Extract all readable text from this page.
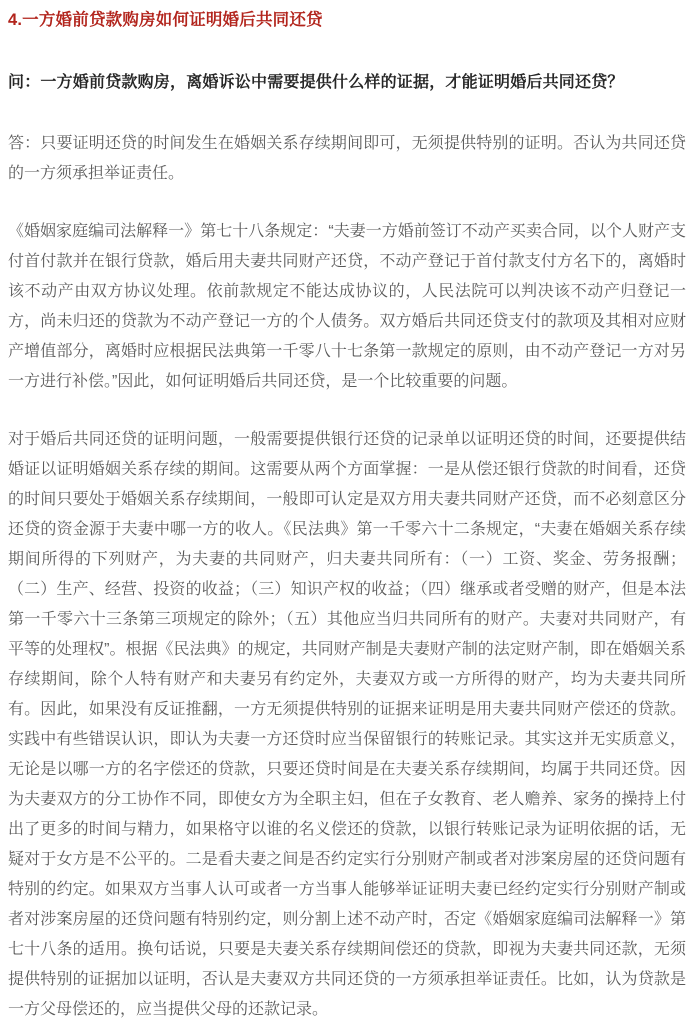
4.一方婚前贷款购房如何证明婚后共同还贷

问：一方婚前贷款购房，离婚诉讼中需要提供什么样的证据，才能证明婚后共同还贷？

答：只要证明还贷的时间发生在婚姻关系存续期间即可，无须提供特别的证明。否认为共同还贷的一方须承担举证责任。

《婚姻家庭编司法解释一》第七十八条规定：“夫妻一方婚前签订不动产买卖合同，以个人财产支付首付款并在银行贷款，婚后用夫妻共同财产还贷，不动产登记于首付款支付方名下的，离婚时该不动产由双方协议处理。依前款规定不能达成协议的，人民法院可以判决该不动产归登记一方，尚未归还的贷款为不动产登记一方的个人债务。双方婚后共同还贷支付的款项及其相对应财产增值部分，离婚时应根据民法典第一千零八十七条第一款规定的原则，由不动产登记一方对另一方进行补偿。”因此，如何证明婚后共同还贷，是一个比较重要的问题。

对于婚后共同还贷的证明问题，一般需要提供银行还贷的记录单以证明还贷的时间，还要提供结婚证以证明婚姻关系存续的期间。这需要从两个方面掌握：一是从偿还银行贷款的时间看，还贷的时间只要处于婚姻关系存续期间，一般即可认定是双方用夫妻共同财产还贷，而不必刻意区分还贷的资金源于夫妻中哪一方的收人。《民法典》第一千零六十二条规定，“夫妻在婚姻关系存续期间所得的下列财产，为夫妻的共同财产，归夫妻共同所有：（一）工资、奖金、劳务报酬；（二）生产、经营、投资的收益；（三）知识产权的收益；（四）继承或者受赠的财产，但是本法第一千零六十三条第三项规定的除外；（五）其他应当归共同所有的财产。夫妻对共同财产，有平等的处理权”。根据《民法典》的规定，共同财产制是夫妻财产制的法定财产制，即在婚姻关系存续期间，除个人特有财产和夫妻另有约定外，夫妻双方或一方所得的财产，均为夫妻共同所有。因此，如果没有反证推翻，一方无须提供特别的证据来证明是用夫妻共同财产偿还的贷款。实践中有些错误认识，即认为夫妻一方还贷时应当保留银行的转账记录。其实这并无实质意义，无论是以哪一方的名字偿还的贷款，只要还贷时间是在夫妻关系存续期间，均属于共同还贷。因为夫妻双方的分工协作不同，即使女方为全职主妇，但在子女教育、老人赡养、家务的操持上付出了更多的时间与精力，如果格守以谁的名义偿还的贷款，以银行转账记录为证明依据的话，无疑对于女方是不公平的。二是看夫妻之间是否约定实行分别财产制或者对涉案房屋的还贷问题有特别的约定。如果双方当事人认可或者一方当事人能够举证证明夫妻已经约定实行分别财产制或者对涉案房屋的还贷问题有特别约定，则分割上述不动产时，否定《婚姻家庭编司法解释一》第七十八条的适用。换句话说，只要是夫妻关系存续期间偿还的贷款，即视为夫妻共同还款，无须提供特别的证据加以证明，否认是夫妻双方共同还贷的一方须承担举证责任。比如，认为贷款是一方父母偿还的，应当提供父母的还款记录。
